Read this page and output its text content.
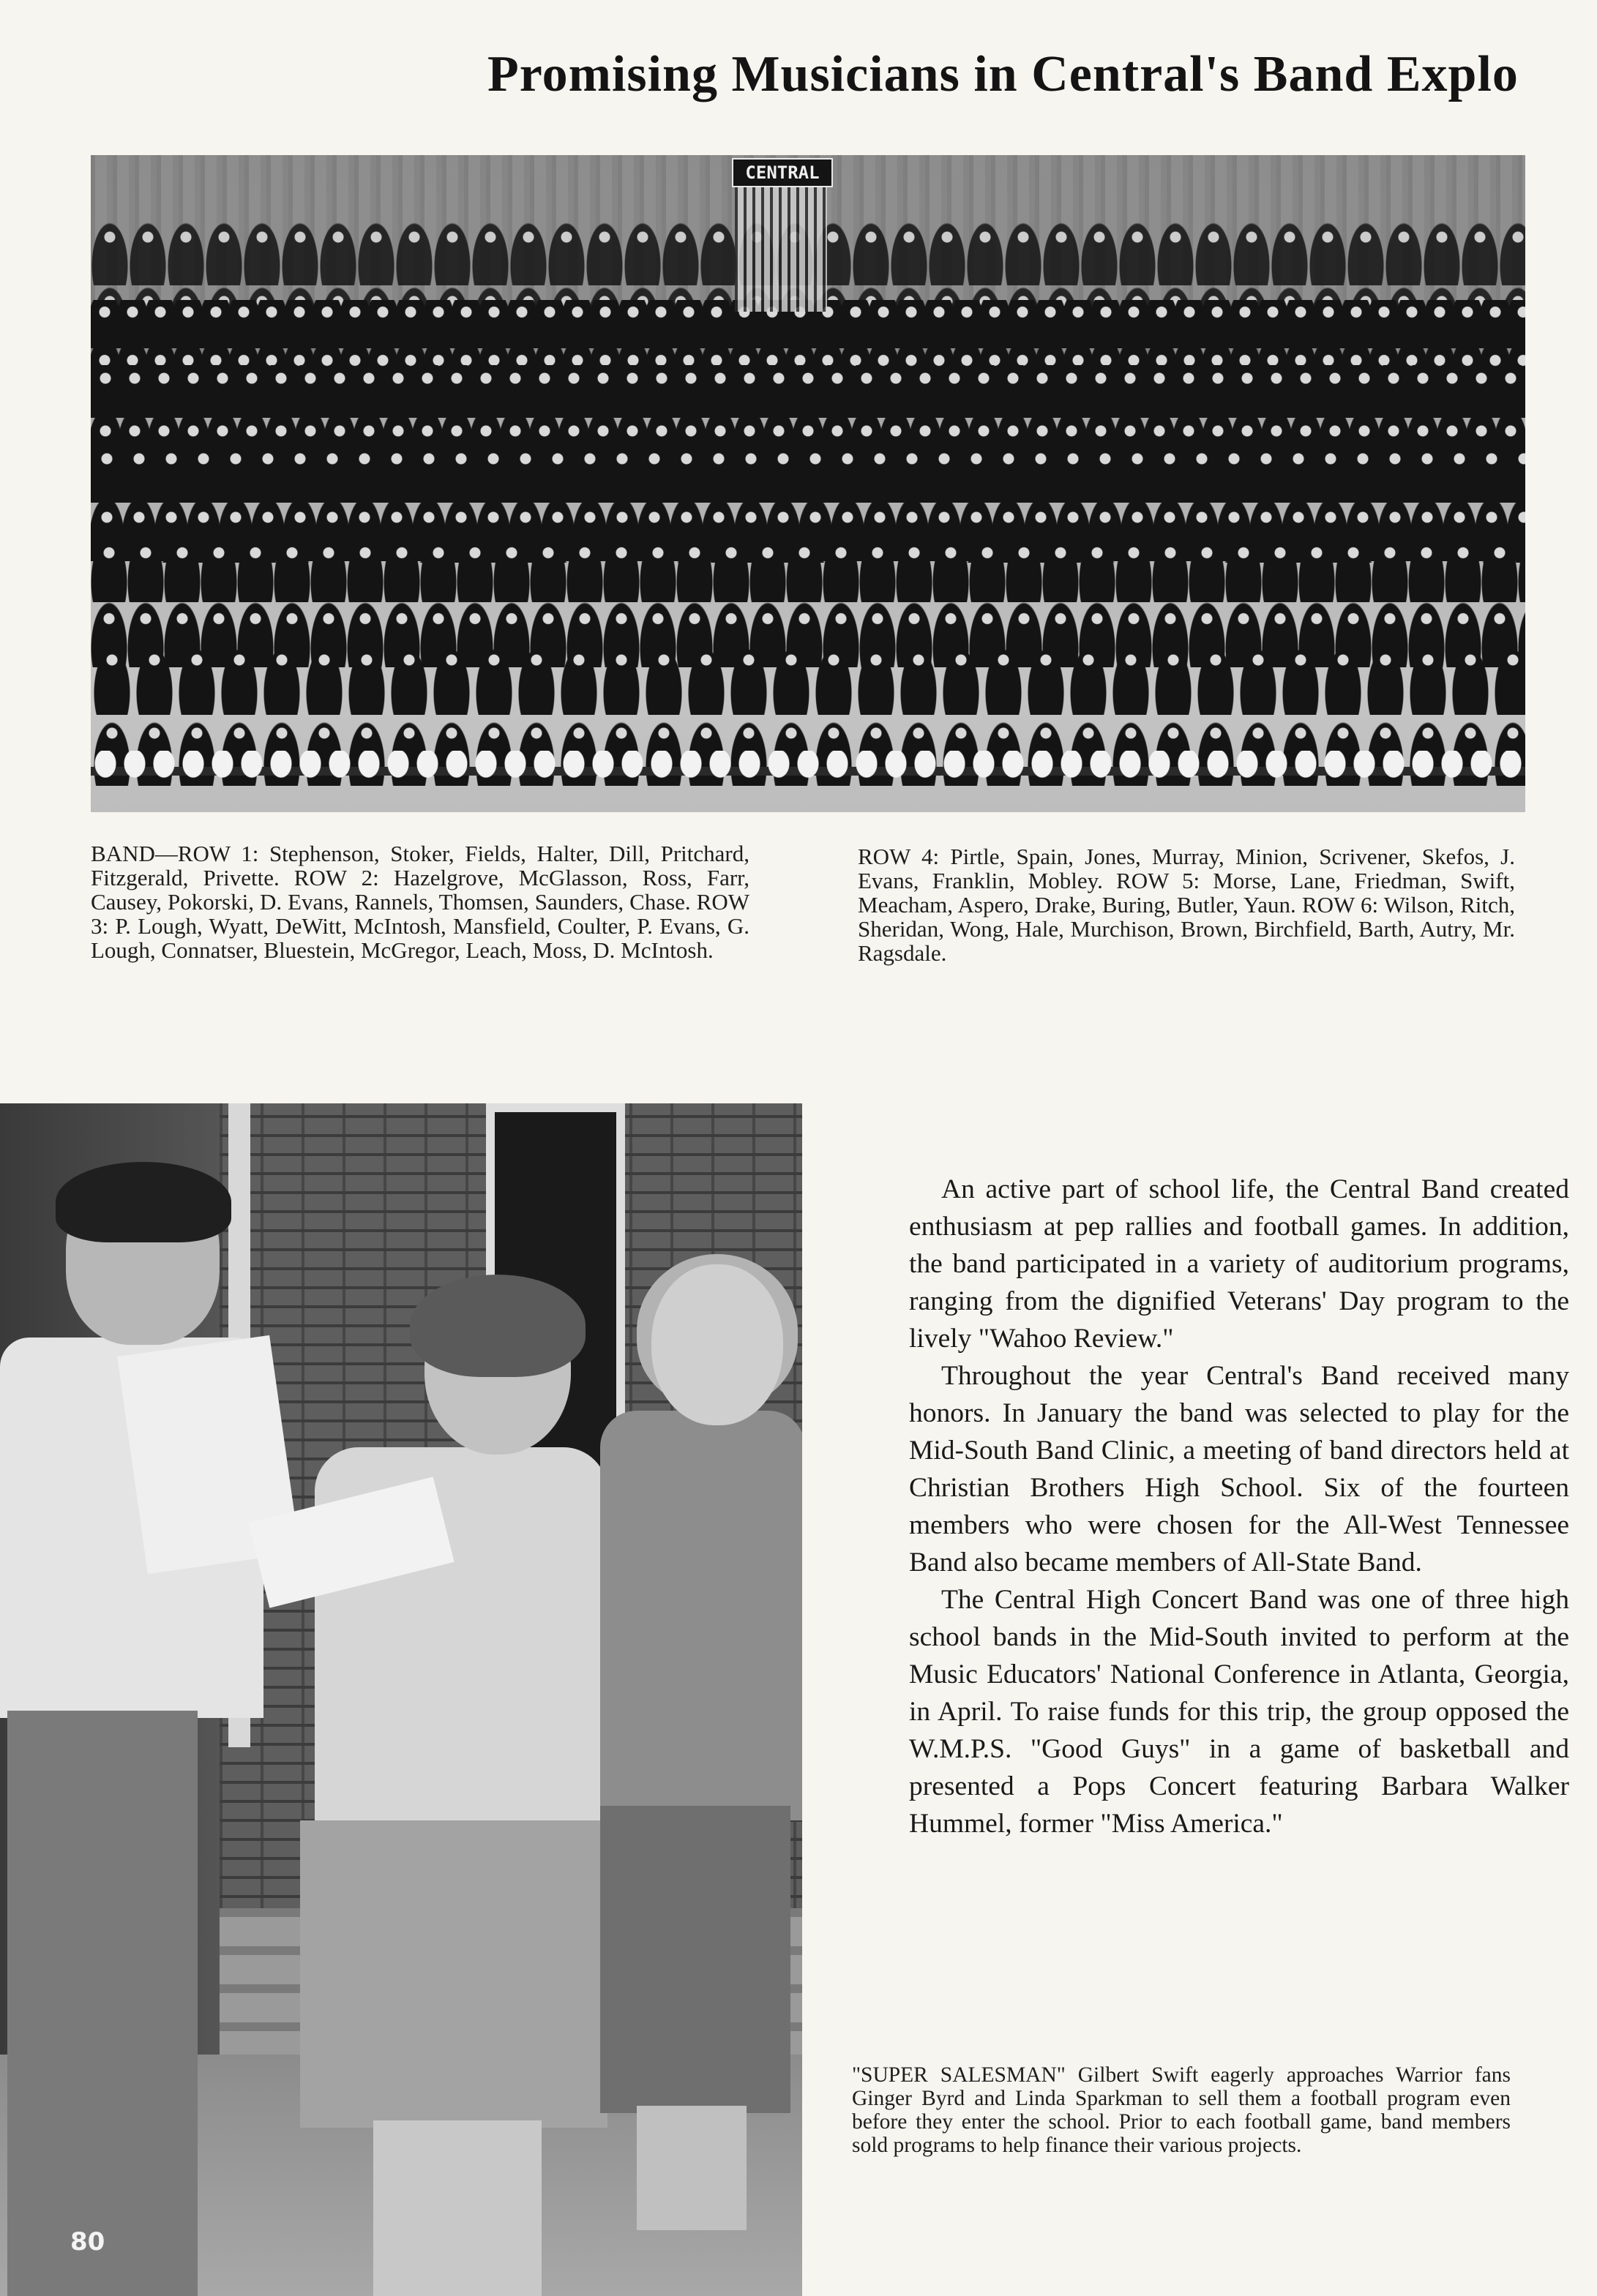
Promising Musicians in Central's Band Explo
CENTRAL
BAND—ROW 1: Stephenson, Stoker, Fields, Halter, Dill, Pritchard, Fitzgerald, Privette. ROW 2: Hazelgrove, McGlasson, Ross, Farr, Causey, Pokorski, D. Evans, Rannels, Thomsen, Saunders, Chase. ROW 3: P. Lough, Wyatt, DeWitt, McIntosh, Mansfield, Coulter, P. Evans, G. Lough, Connatser, Bluestein, McGregor, Leach, Moss, D. McIntosh.
ROW 4: Pirtle, Spain, Jones, Murray, Minion, Scrivener, Skefos, J. Evans, Franklin, Mobley. ROW 5: Morse, Lane, Friedman, Swift, Meacham, Aspero, Drake, Buring, Butler, Yaun. ROW 6: Wilson, Ritch, Sheridan, Wong, Hale, Murchison, Brown, Birchfield, Barth, Autry, Mr. Ragsdale.

An active part of school life, the Central Band created enthusiasm at pep rallies and football games. In addition, the band participated in a variety of auditorium programs, ranging from the dignified Veterans' Day program to the lively "Wahoo Review."

Throughout the year Central's Band received many honors. In January the band was selected to play for the Mid-South Band Clinic, a meeting of band directors held at Christian Brothers High School. Six of the fourteen members who were chosen for the All-West Tennessee Band also became members of All-State Band.

The Central High Concert Band was one of three high school bands in the Mid-South invited to perform at the Music Educators' National Conference in Atlanta, Georgia, in April. To raise funds for this trip, the group opposed the W.M.P.S. "Good Guys" in a game of basketball and presented a Pops Concert featuring Barbara Walker Hummel, former "Miss America."

"SUPER SALESMAN" Gilbert Swift eagerly approaches Warrior fans Ginger Byrd and Linda Sparkman to sell them a football program even before they enter the school. Prior to each football game, band members sold programs to help finance their various projects.
80
